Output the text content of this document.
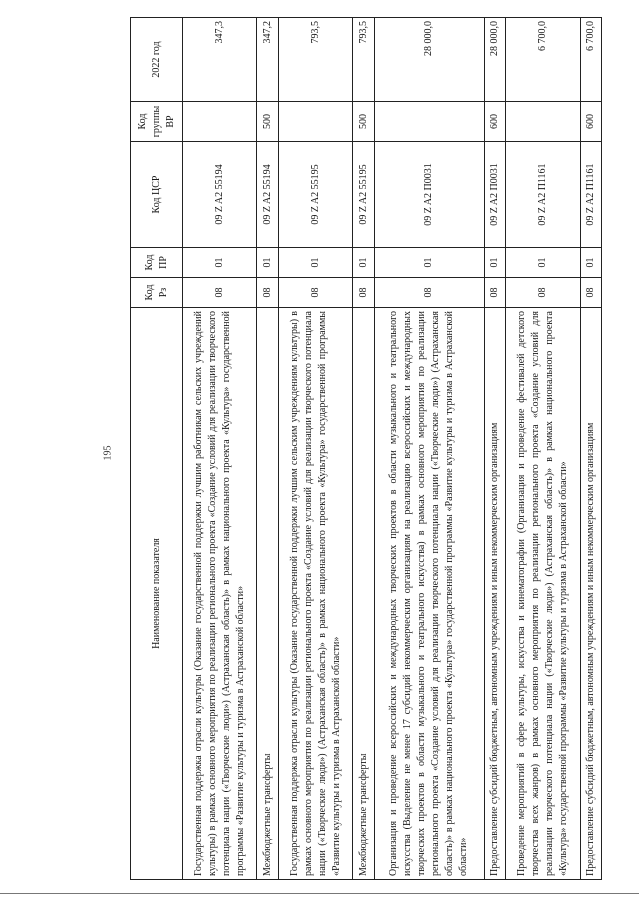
195
Наименование показателя	Код Рз	Код ПР	Код ЦСР	Код группы ВР	2022 год
Государственная поддержка отрасли культуры (Оказание государственной поддержки лучшим работникам сельских учреждений культуры) в рамках основного мероприятия по реализации регионального проекта «Создание условий для реализации творческого потенциала нации («Творческие люди») (Астраханская область)» в рамках национального проекта «Культура» государственной программы «Развитие культуры и туризма в Астраханской области»	08	01	09 Z A2 55194		347,3
Межбюджетные трансферты	08	01	09 Z A2 55194	500	347,2
Государственная поддержка отрасли культуры (Оказание государственной поддержки лучшим сельским учреждениям культуры) в рамках основного мероприятия по реализации регионального проекта «Создание условий для реализации творческого потенциала нации («Творческие люди») (Астраханская область)» в рамках национального проекта «Культура» государственной программы «Развитие культуры и туризма в Астраханской области»	08	01	09 Z A2 55195		793,5
Межбюджетные трансферты	08	01	09 Z A2 55195	500	793,5
Организация и проведение всероссийских и международных творческих проектов в области музыкального и театрального искусства (Выделение не менее 17 субсидий некоммерческим организациям на реализацию всероссийских и международных творческих проектов в области музыкального и театрального искусства) в рамках основного мероприятия по реализации регионального проекта «Создание условий для реализации творческого потенциала нации («Творческие люди») (Астраханская область)» в рамках национального проекта «Культура» государственной программы «Развитие культуры и туризма в Астраханской области»	08	01	09 Z A2 П0031		28 000,0
Предоставление субсидий бюджетным, автономным учреждениям и иным некоммерческим организациям	08	01	09 Z A2 П0031	600	28 000,0
Проведение мероприятий в сфере культуры, искусства и кинематографии (Организация и проведение фестивалей детского творчества всех жанров) в рамках основного мероприятия по реализации регионального проекта «Создание условий для реализации творческого потенциала нации («Творческие люди») (Астраханская область)» в рамках национального проекта «Культура» государственной программы «Развитие культуры и туризма в Астраханской области»	08	01	09 Z A2 П1161		6 700,0
Предоставление субсидий бюджетным, автономным учреждениям и иным некоммерческим организациям	08	01	09 Z A2 П1161	600	6 700,0
